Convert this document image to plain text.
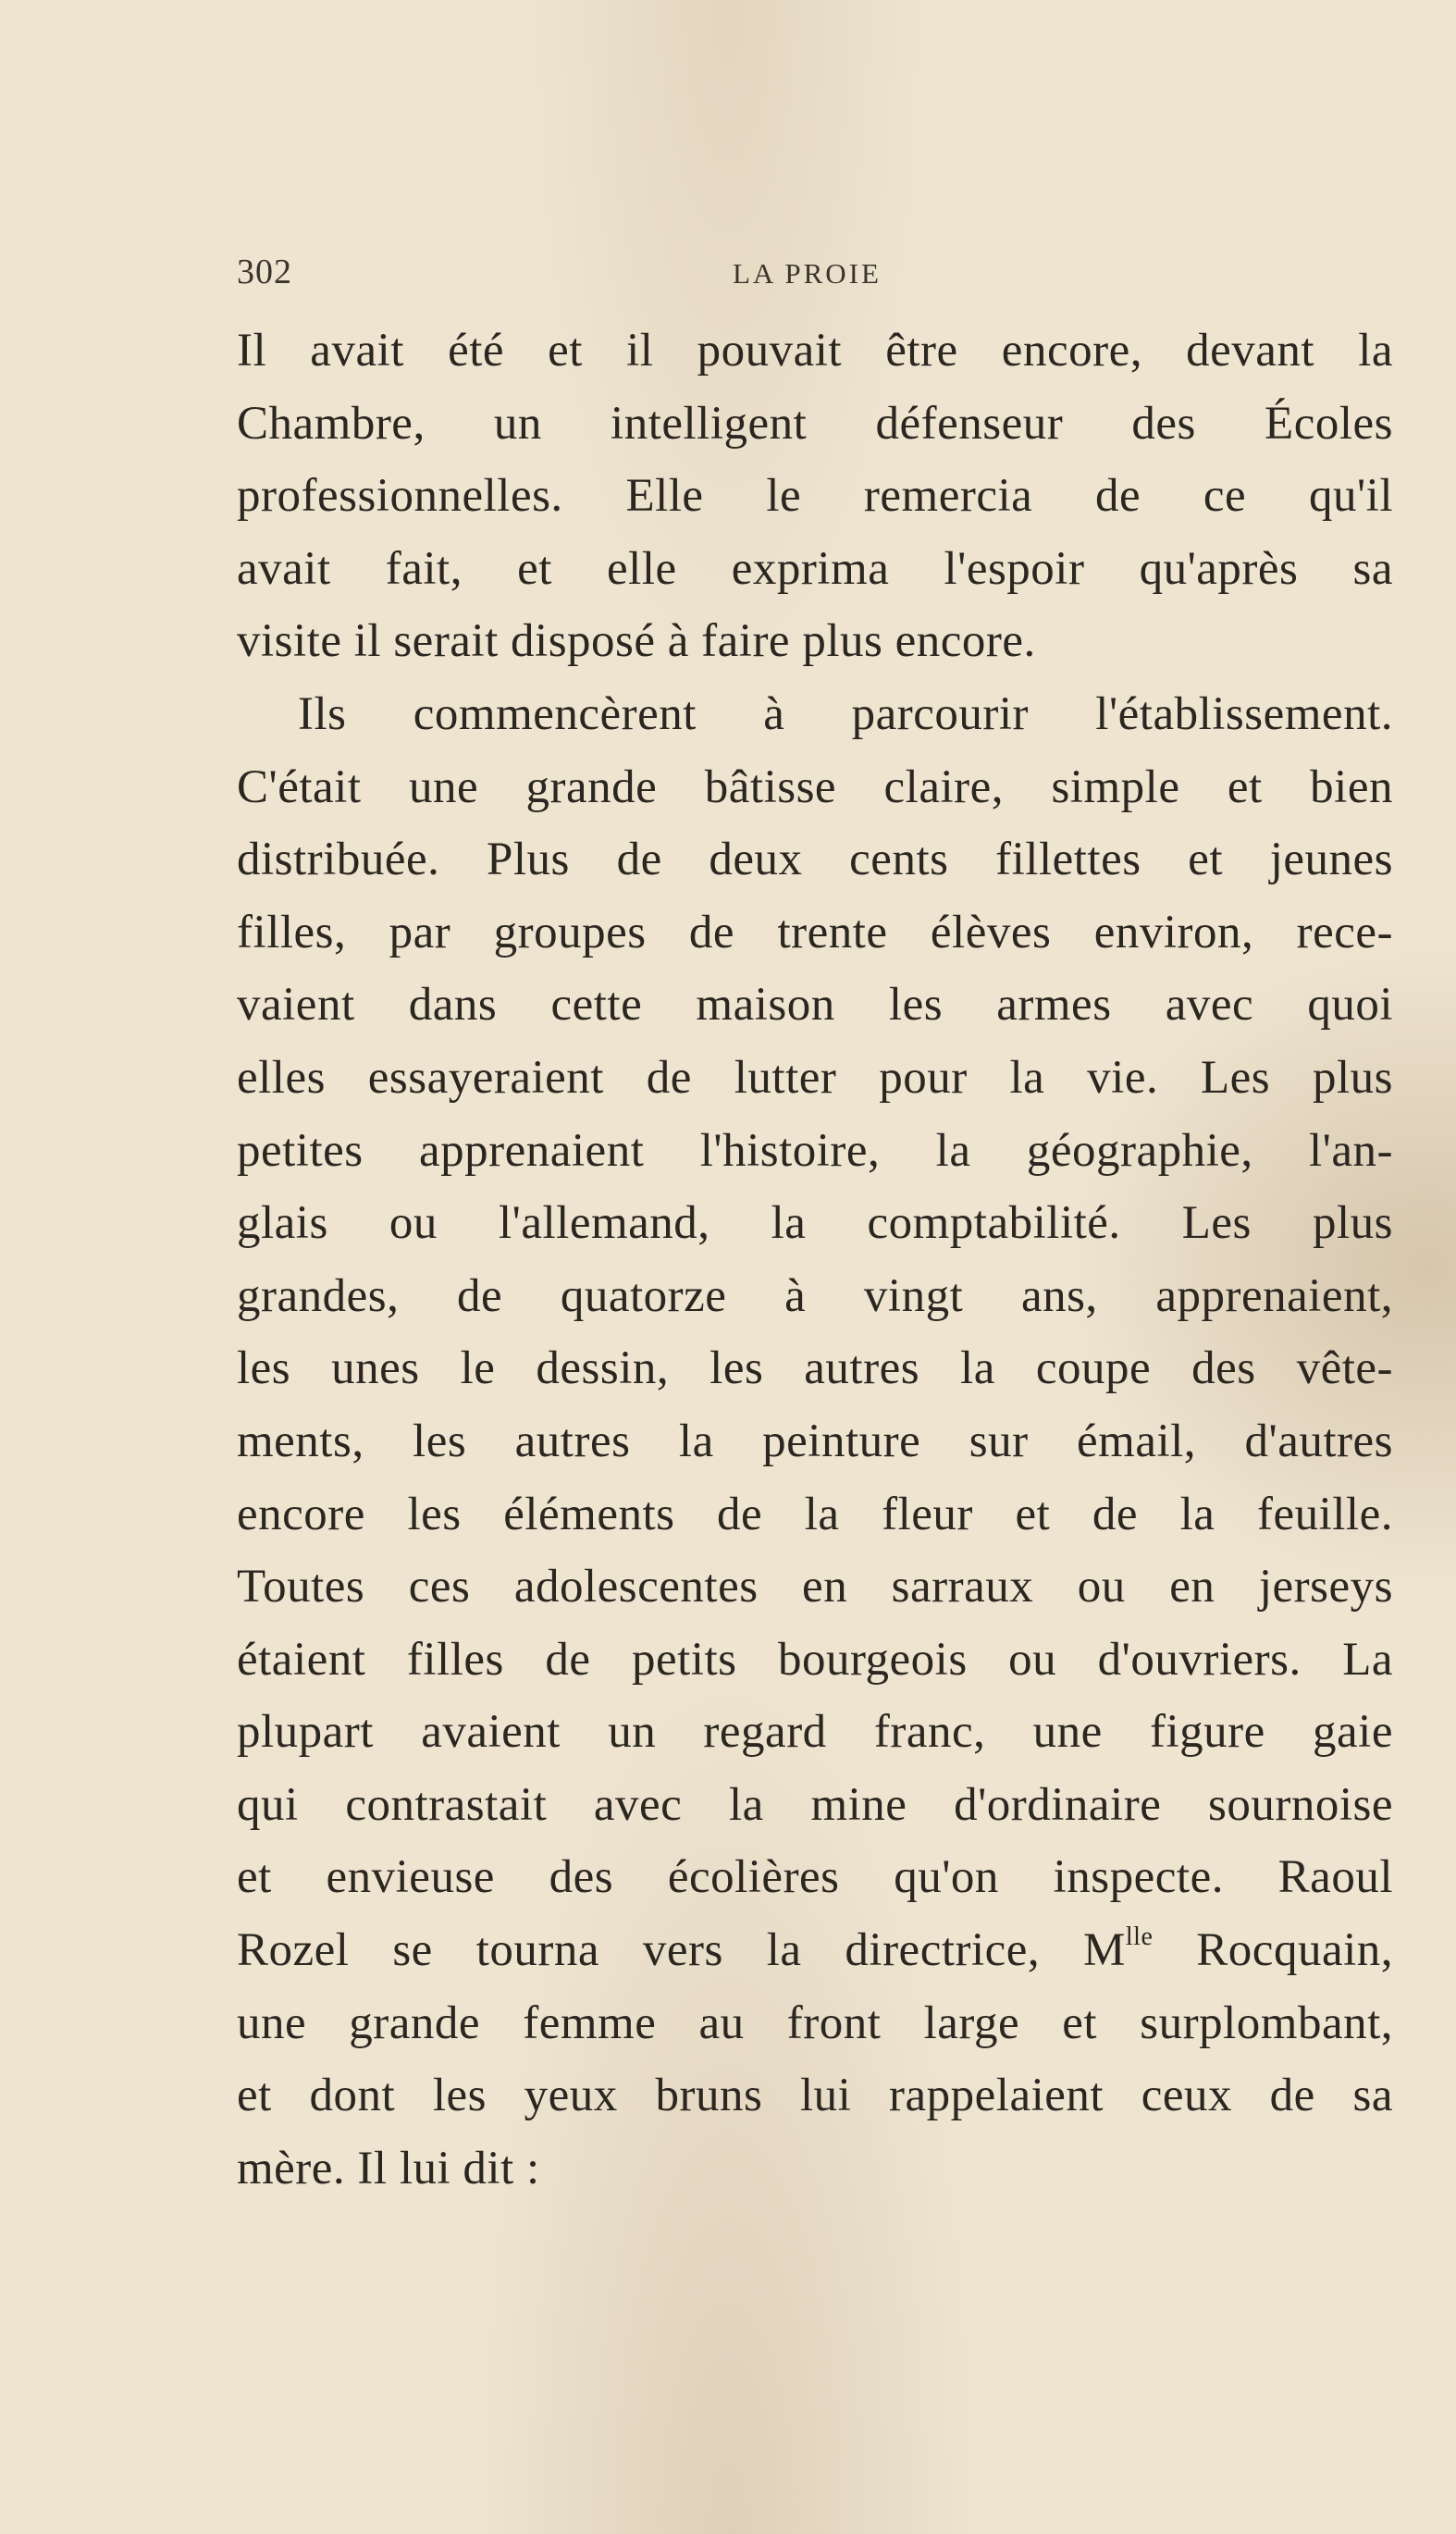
302	LA PROIE
Il avait été et il pouvait être encore, devant la
Chambre, un intelligent défenseur des Écoles
professionnelles. Elle le remercia de ce qu'il
avait fait, et elle exprima l'espoir qu'après sa
visite il serait disposé à faire plus encore.
Ils commencèrent à parcourir l'établissement.
C'était une grande bâtisse claire, simple et bien
distribuée. Plus de deux cents fillettes et jeunes
filles, par groupes de trente élèves environ, rece-
vaient dans cette maison les armes avec quoi
elles essayeraient de lutter pour la vie. Les plus
petites apprenaient l'histoire, la géographie, l'an-
glais ou l'allemand, la comptabilité. Les plus
grandes, de quatorze à vingt ans, apprenaient,
les unes le dessin, les autres la coupe des vête-
ments, les autres la peinture sur émail, d'autres
encore les éléments de la fleur et de la feuille.
Toutes ces adolescentes en sarraux ou en jerseys
étaient filles de petits bourgeois ou d'ouvriers. La
plupart avaient un regard franc, une figure gaie
qui contrastait avec la mine d'ordinaire sournoise
et envieuse des écolières qu'on inspecte. Raoul
Rozel se tourna vers la directrice, $M^{lle}$ Rocquain,
une grande femme au front large et surplombant,
et dont les yeux bruns lui rappelaient ceux de sa
mère. Il lui dit :
